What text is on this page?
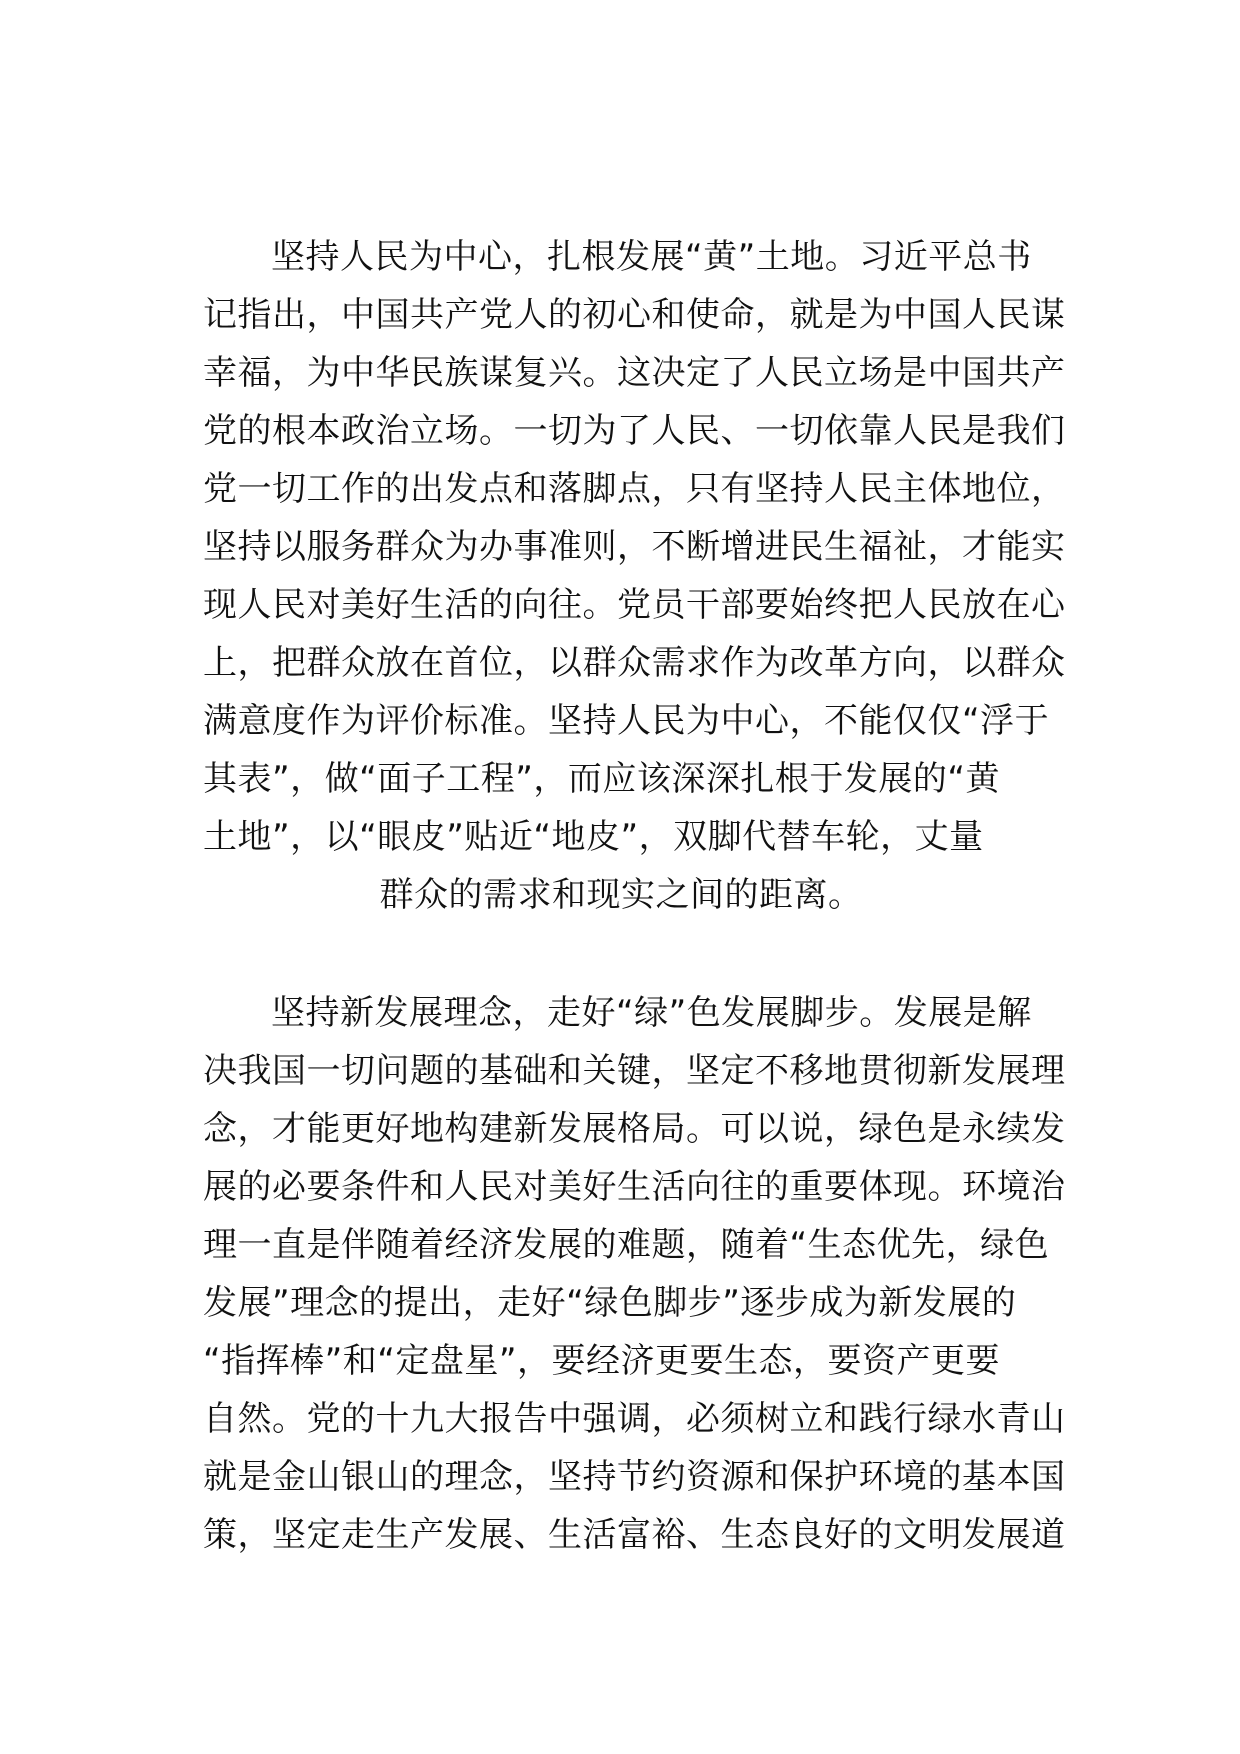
坚持人民为中心，扎根发展“黄”土地。习近平总书
记指出，中国共产党人的初心和使命，就是为中国人民谋
幸福，为中华民族谋复兴。这决定了人民立场是中国共产
党的根本政治立场。一切为了人民、一切依靠人民是我们
党一切工作的出发点和落脚点，只有坚持人民主体地位，
坚持以服务群众为办事准则，不断增进民生福祉，才能实
现人民对美好生活的向往。党员干部要始终把人民放在心
上，把群众放在首位，以群众需求作为改革方向，以群众
满意度作为评价标准。坚持人民为中心，不能仅仅“浮于
其表”，做“面子工程”，而应该深深扎根于发展的“黄
土地”，以“眼皮”贴近“地皮”，双脚代替车轮，丈量
群众的需求和现实之间的距离。
坚持新发展理念，走好“绿”色发展脚步。发展是解
决我国一切问题的基础和关键，坚定不移地贯彻新发展理
念，才能更好地构建新发展格局。可以说，绿色是永续发
展的必要条件和人民对美好生活向往的重要体现。环境治
理一直是伴随着经济发展的难题，随着“生态优先，绿色
发展”理念的提出，走好“绿色脚步”逐步成为新发展的
“指挥棒”和“定盘星”，要经济更要生态，要资产更要
自然。党的十九大报告中强调，必须树立和践行绿水青山
就是金山银山的理念，坚持节约资源和保护环境的基本国
策，坚定走生产发展、生活富裕、生态良好的文明发展道
